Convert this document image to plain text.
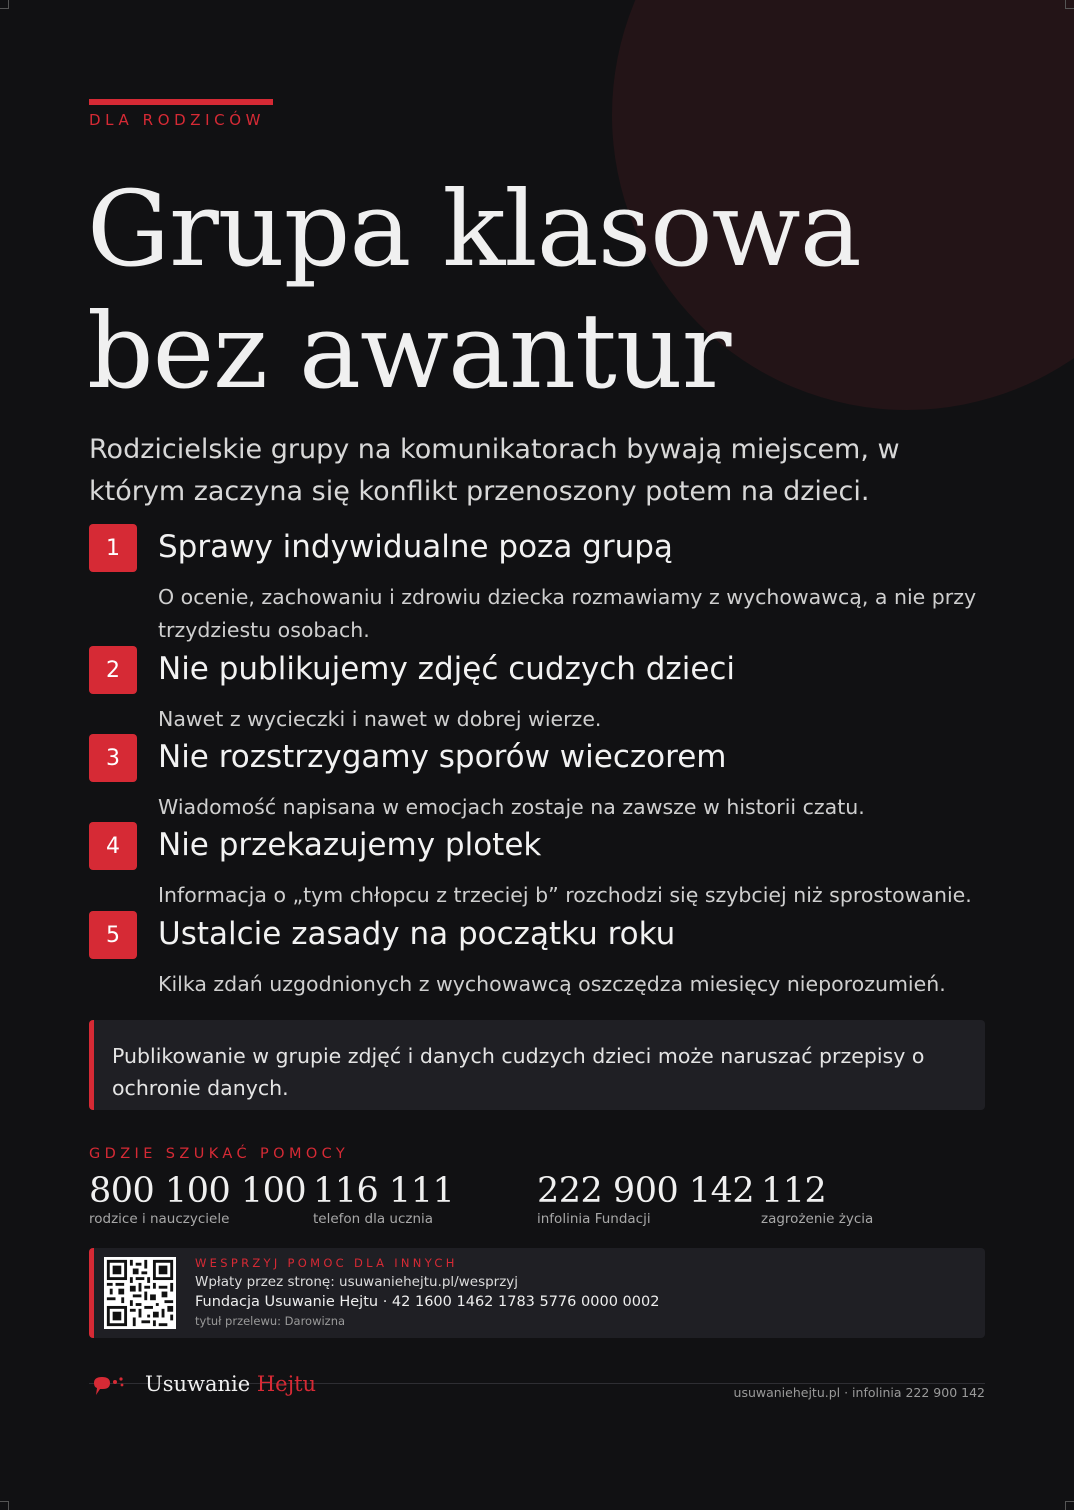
DLA RODZICÓW
Grupa klasowa
bez awantur

Rodzicielskie grupy na komunikatorach bywają miejscem, w którym zaczyna się konflikt przenoszony potem na dzieci.

1	Sprawy indywidualne poza grupą

O ocenie, zachowaniu i zdrowiu dziecka rozmawiamy z wychowawcą, a nie przy trzydziestu osobach.

2	Nie publikujemy zdjęć cudzych dzieci

Nawet z wycieczki i nawet w dobrej wierze.

3	Nie rozstrzygamy sporów wieczorem

Wiadomość napisana w emocjach zostaje na zawsze w historii czatu.

4	Nie przekazujemy plotek

Informacja o „tym chłopcu z trzeciej b” rozchodzi się szybciej niż sprostowanie.

5	Ustalcie zasady na początku roku

Kilka zdań uzgodnionych z wychowawcą oszczędza miesięcy nieporozumień.

Publikowanie w grupie zdjęć i danych cudzych dzieci może naruszać przepisy o ochronie danych.

GDZIE SZUKAĆ POMOCY
800 100 100
rodzice i nauczyciele
116 111
telefon dla ucznia
222 900 142
infolinia Fundacji
112
zagrożenie życia
WESPRZYJ POMOC DLA INNYCH
Wpłaty przez stronę: usuwaniehejtu.pl/wesprzyj
Fundacja Usuwanie Hejtu · 42 1600 1462 1783 5776 0000 0002
tytuł przelewu: Darowizna
Usuwanie Hejtu	usuwaniehejtu.pl · infolinia 222 900 142
